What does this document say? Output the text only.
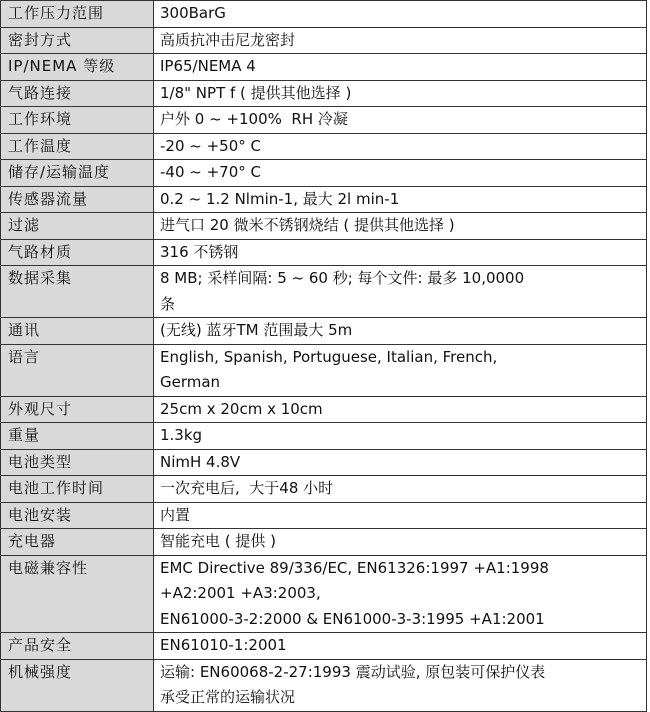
工作压力范围	300BarG

密封方式	高质抗冲击尼龙密封

IP/NEMA 等级	IP65/NEMA 4

气路连接	1/8" NPT f ( 提供其他选择 )

工作环境	户外 0 ~ +100%  RH 冷凝

工作温度	-20 ~ +50° C

储存/运输温度	-40 ~ +70° C

传感器流量	0.2 ~ 1.2 Nlmin-1, 最大 2l min-1

过滤	进气口 20 微米不锈钢烧结 ( 提供其他选择 )

气路材质	316 不锈钢

数据采集	8 MB; 采样间隔: 5 ~ 60 秒; 每个文件: 最多 10,0000
条

通讯	(无线) 蓝牙TM 范围最大 5m

语言	English, Spanish, Portuguese, Italian, French,
German

外观尺寸	25cm x 20cm x 10cm

重量	1.3kg

电池类型	NimH 4.8V

电池工作时间	一次充电后,  大于48 小时

电池安装	内置

充电器	智能充电 ( 提供 )

电磁兼容性	EMC Directive 89/336/EC, EN61326:1997 +A1:1998
+A2:2001 +A3:2003,
EN61000-3-2:2000 & EN61000-3-3:1995 +A1:2001

产品安全	EN61010-1:2001

机械强度	运输: EN60068-2-27:1993 震动试验, 原包装可保护仪表
承受正常的运输状况
